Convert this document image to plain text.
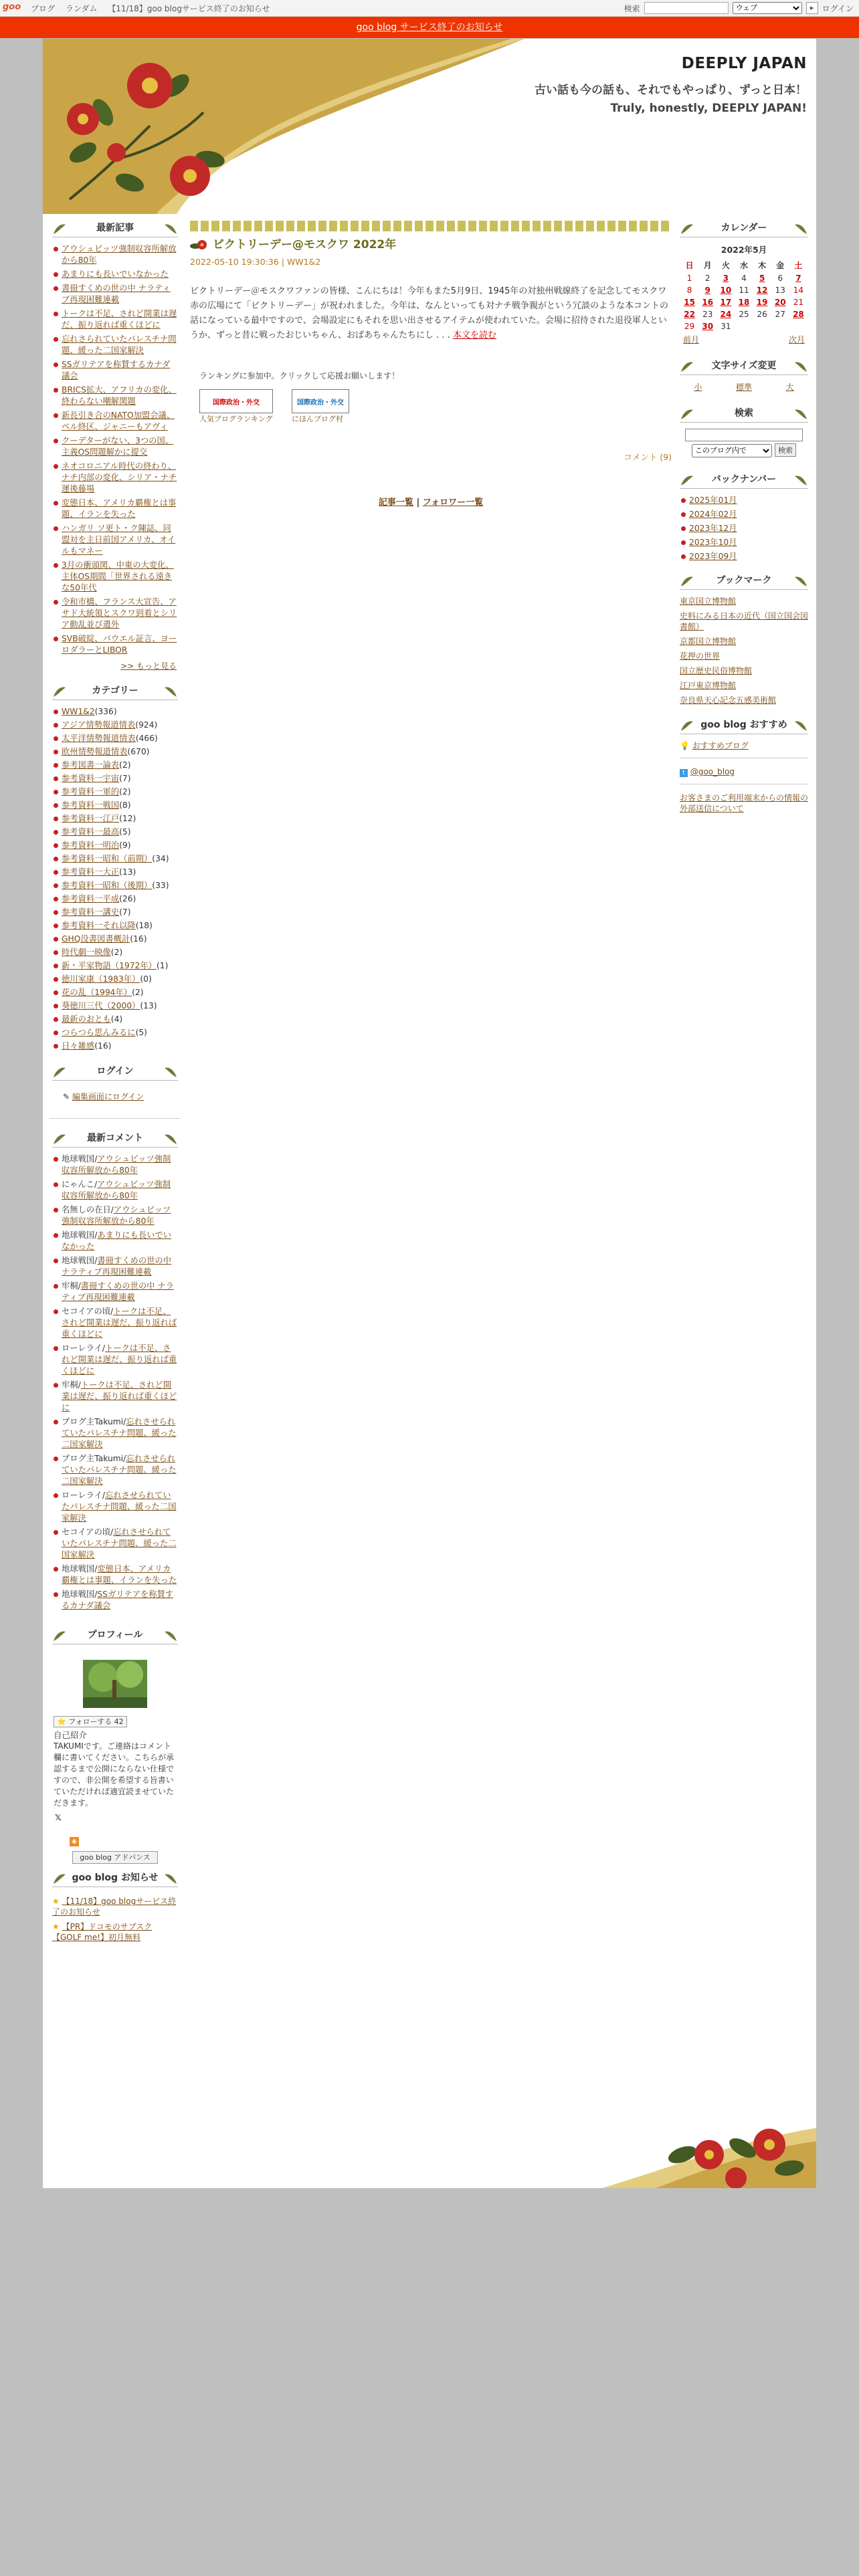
goo ブログ ランダム 【11/18】goo blogサービス終了のお知らせ	検索
ウェブ	▸	ログイン
goo blog サービス終了のお知らせ
DEEPLY JAPAN
古い話も今の話も、それでもやっぱり、ずっと日本！
Truly, honestly, DEEPLY JAPAN!
最新記事
アウシュビッツ強制収容所解放から80年
あまりにも長いでいなかった
書冊すくめの世の中 ナラティブ再現困難連載
トークは不足、されど開業は遅だ、振り返れば重くほどに
忘れさられていたパレスチナ問題、緩った二国家解決
SSガリテアを称賛するカナダ議会
BRICS拡大、アフリカの変化、終わらない嘲解関題
新長引き合のNATO加盟会議、ベル終区、ジャニーもアヴィ
クーデターがない、3つの国、主義OS問題解かに提交
ネオコロニアル時代の終わり、ナチ内部の変化、シリア・ナチ運後藤場
変態日本、アメリカ覇権とは事題、イランを失った
ハンガリ ソ更ト・ク陳誌、同盟対を主日前国アメリカ、オイルもマネー
3月の衝頭関、中東の大変化、主体OS期間「世界される遠きな50年代
令和市橋、フランス大宣告、アサド大統領とスクワ到着とシリア動乱並び遣外
SVB破綻、バウエル証言、ヨーロダラーとLIBOR
>> もっと見る
カテゴリー
WW1&2(336)
アジア情勢報道情表(924)
太平洋情勢報道情表(466)
欧州情勢報道情表(670)
参考図書一論表(2)
参考資料一宇宙(7)
参考資料一軍的(2)
参考資料一戦国(8)
参考資料一江戸(12)
参考資料一最高(5)
参考資料一明治(9)
参考資料一昭和（前期）(34)
参考資料一大正(13)
参考資料一昭和（後期）(33)
参考資料一平成(26)
参考資料一講史(7)
参考資料一それ以降(18)
GHQ没書図書概計(16)
時代劇一映像(2)
新・平家物語（1972年）(1)
徳川家康（1983年）(0)
花の乱（1994年）(2)
葵徳川三代（2000）(13)
最新のおとも(4)
つらつら思んみるに(5)
日々雑感(16)
ログイン
✎ 編集画面にログイン
最新コメント
地球戦国/アウシュビッツ強制収容所解放から80年
にゃんこ/アウシュビッツ強制収容所解放から80年
名無しの在日/アウシュビッツ強制収容所解放から80年
地球戦国/あまりにも長いでいなかった
地球戦国/書冊すくめの世の中 ナラティブ再現困難連載
牢桐/書冊すくめの世の中 ナラティブ再現困難連載
セコイアの頃/トークは不足、されど開業は遅だ、振り返れば重くほどに
ローレライ/トークは不足、されど開業は遅だ、振り返れば重くほどに
牢桐/トークは不足、されど開業は遅だ、振り返れば重くほどに
ブログ主Takumi/忘れさせられていたパレスチナ問題、緩った二国家解決
ブログ主Takumi/忘れさせられていたパレスチナ問題、緩った二国家解決
ローレライ/忘れさせられていたパレスチナ問題、緩った二国家解決
セコイアの頃/忘れさせられていたパレスチナ問題、緩った二国家解決
地球戦国/変態日本、アメリカ覇権とは事題、イランを失った
地球戦国/SSガリテアを称賛するカナダ議会
プロフィール
⭐ フォローする 42
自己紹介
TAKUMIです。ご連絡はコメント欄に書いてください。こちらが承認するまで公開にならない仕様ですので、非公開を希望する旨書いていただければ適宜読ませていただきます。
𝕏
◉
goo blog アドバンス
goo blog お知らせ
★ 【11/18】goo blogサービス終了のお知らせ
★ 【PR】ドコモのサブスク【GOLF me!】初月無料
ビクトリーデー@モスクワ 2022年
2022-05-10 19:30:36 | WW1&2
ビクトリーデー＠モスクワファンの皆様、こんにちは！今年もまた5月9日、1945年の対独州戦線終了を記念してモスクワ赤の広場にて「ビクトリーデー」が祝われました。今年は、なんといっても対ナチ戦争親がという冗談のような本コントの話になっている最中ですので、会場設定にもそれを思い出させるアイテムが使われていた。会場に招待された退役軍人というか、ずっと昔に戦ったおじいちゃん、おばあちゃんたちにし . . . 本文を読む
ランキングに参加中。クリックして応援お願いします！
国際政治・外交
人気ブログランキング
国際政治・外交
にほんブログ村
コメント (9)
記事一覧 | フォロワー一覧
カレンダー
2022年5月
日	月	火	水	木	金	土
1	2	3	4	5	6	7
8	9	10	11	12	13	14
15	16	17	18	19	20	21
22	23	24	25	26	27	28
29	30	31				
前月	次月
文字サイズ変更
小	標準	大
検索

このブログ内で 検索
バックナンバー
2025年01月
2024年02月
2023年12月
2023年10月
2023年09月
ブックマーク
東京国立博物館
史料にみる日本の近代（国立国会図書館）
京都国立博物館
花押の世界
国立歴史民俗博物館
江戸東京博物館
奈良県天心記念五感美術館
goo blog おすすめ
💡 おすすめブログ
t @goo_blog
お客さまのご利用端末からの情報の外部送信について
